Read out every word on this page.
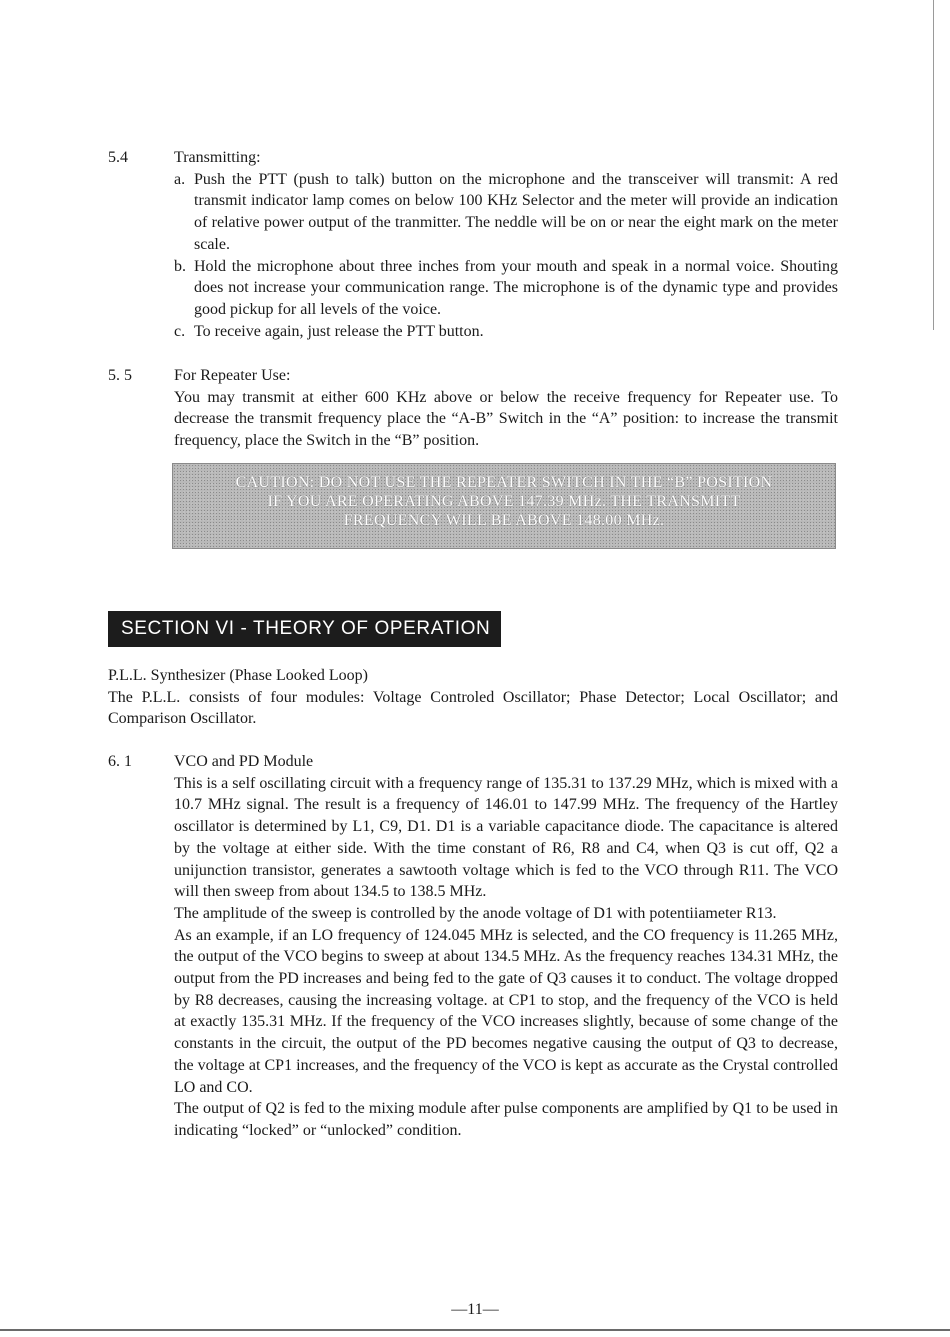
5.4	Transmitting:

a. Push the PTT (push to talk) button on the microphone and the transceiver will transmit: A red transmit indicator lamp comes on below 100 KHz Selector and the meter will provide an indication of relative power output of the tranmitter. The neddle will be on or near the eight mark on the meter scale.
b. Hold the microphone about three inches from your mouth and speak in a normal voice. Shouting does not increase your communication range. The microphone is of the dynamic type and provides good pickup for all levels of the voice.
c. To receive again, just release the PTT button.
5. 5	For Repeater Use:

You may transmit at either 600 KHz above or below the receive frequency for Repeater use. To decrease the transmit frequency place the “A-B” Switch in the “A” position: to increase the transmit frequency, place the Switch in the “B” position.

CAUTION: DO NOT USE THE REPEATER SWITCH IN THE “B” POSITION
IF YOU ARE OPERATING ABOVE 147.39 MHz. THE TRANSMITT
FREQUENCY WILL BE ABOVE 148.00 MHz.
SECTION VI - THEORY OF OPERATION

P.L.L. Synthesizer (Phase Looked Loop)

The P.L.L. consists of four modules: Voltage Controled Oscillator; Phase Detector; Local Oscillator; and Comparison Oscillator.

6. 1	VCO and PD Module

This is a self oscillating circuit with a frequency range of 135.31 to 137.29 MHz, which is mixed with a 10.7 MHz signal. The result is a frequency of 146.01 to 147.99 MHz. The frequency of the Hartley oscillator is determined by L1, C9, D1. D1 is a variable capacitance diode. The capacitance is altered by the voltage at either side. With the time constant of R6, R8 and C4, when Q3 is cut off, Q2 a unijunction transistor, generates a sawtooth voltage which is fed to the VCO through R11. The VCO will then sweep from about 134.5 to 138.5 MHz.

The amplitude of the sweep is controlled by the anode voltage of D1 with potentiiameter R13.

As an example, if an LO frequency of 124.045 MHz is selected, and the CO frequency is 11.265 MHz, the output of the VCO begins to sweep at about 134.5 MHz. As the frequency reaches 134.31 MHz, the output from the PD increases and being fed to the gate of Q3 causes it to conduct. The voltage dropped by R8 decreases, causing the increasing voltage. at CP1 to stop, and the frequency of the VCO is held at exactly 135.31 MHz. If the frequency of the VCO increases slightly, because of some change of the constants in the circuit, the output of the PD becomes negative causing the output of Q3 to decrease, the voltage at CP1 increases, and the frequency of the VCO is kept as accurate as the Crystal controlled LO and CO.

The output of Q2 is fed to the mixing module after pulse components are amplified by Q1 to be used in indicating “locked” or “unlocked” condition.

—11—
